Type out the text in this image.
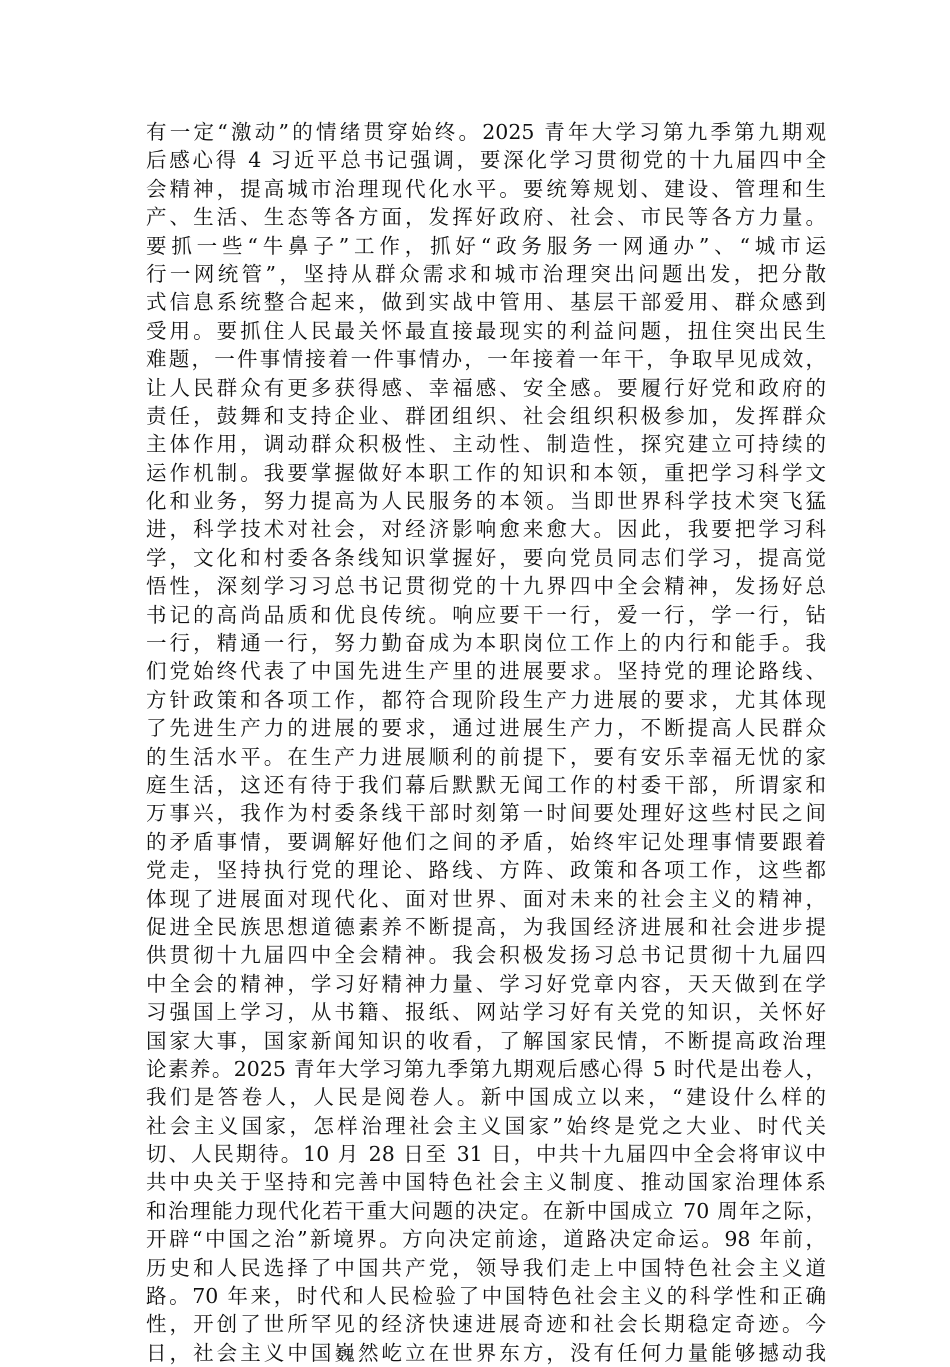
有一定“激动”的情绪贯穿始终。2025 青年大学习第九季第九期观
后感心得 4 习近平总书记强调，要深化学习贯彻党的十九届四中全
会精神，提高城市治理现代化水平。要统筹规划、建设、管理和生
产、生活、生态等各方面，发挥好政府、社会、市民等各方力量。
要抓一些“牛鼻子”工作，抓好“政务服务一网通办”、“城市运
行一网统管”，坚持从群众需求和城市治理突出问题出发，把分散
式信息系统整合起来，做到实战中管用、基层干部爱用、群众感到
受用。要抓住人民最关怀最直接最现实的利益问题，扭住突出民生
难题，一件事情接着一件事情办，一年接着一年干，争取早见成效，
让人民群众有更多获得感、幸福感、安全感。要履行好党和政府的
责任，鼓舞和支持企业、群团组织、社会组织积极参加，发挥群众
主体作用，调动群众积极性、主动性、制造性，探究建立可持续的
运作机制。我要掌握做好本职工作的知识和本领，重把学习科学文
化和业务，努力提高为人民服务的本领。当即世界科学技术突飞猛
进，科学技术对社会，对经济影响愈来愈大。因此，我要把学习科
学，文化和村委各条线知识掌握好，要向党员同志们学习，提高觉
悟性，深刻学习习总书记贯彻党的十九界四中全会精神，发扬好总
书记的高尚品质和优良传统。响应要干一行，爱一行，学一行，钻
一行，精通一行，努力勤奋成为本职岗位工作上的内行和能手。我
们党始终代表了中国先进生产里的进展要求。坚持党的理论路线、
方针政策和各项工作，都符合现阶段生产力进展的要求，尤其体现
了先进生产力的进展的要求，通过进展生产力，不断提高人民群众
的生活水平。在生产力进展顺利的前提下，要有安乐幸福无忧的家
庭生活，这还有待于我们幕后默默无闻工作的村委干部，所谓家和
万事兴，我作为村委条线干部时刻第一时间要处理好这些村民之间
的矛盾事情，要调解好他们之间的矛盾，始终牢记处理事情要跟着
党走，坚持执行党的理论、路线、方阵、政策和各项工作，这些都
体现了进展面对现代化、面对世界、面对未来的社会主义的精神，
促进全民族思想道德素养不断提高，为我国经济进展和社会进步提
供贯彻十九届四中全会精神。我会积极发扬习总书记贯彻十九届四
中全会的精神，学习好精神力量、学习好党章内容，天天做到在学
习强国上学习，从书籍、报纸、网站学习好有关党的知识，关怀好
国家大事，国家新闻知识的收看，了解国家民情，不断提高政治理
论素养。2025 青年大学习第九季第九期观后感心得 5 时代是出卷人，
我们是答卷人，人民是阅卷人。新中国成立以来，“建设什么样的
社会主义国家，怎样治理社会主义国家”始终是党之大业、时代关
切、人民期待。10 月 28 日至 31 日，中共十九届四中全会将审议中
共中央关于坚持和完善中国特色社会主义制度、推动国家治理体系
和治理能力现代化若干重大问题的决定。在新中国成立 70 周年之际，
开辟“中国之治”新境界。方向决定前途，道路决定命运。98 年前，
历史和人民选择了中国共产党，领导我们走上中国特色社会主义道
路。70 年来，时代和人民检验了中国特色社会主义的科学性和正确
性，开创了世所罕见的经济快速进展奇迹和社会长期稳定奇迹。今
日，社会主义中国巍然屹立在世界东方，没有任何力量能够撼动我
